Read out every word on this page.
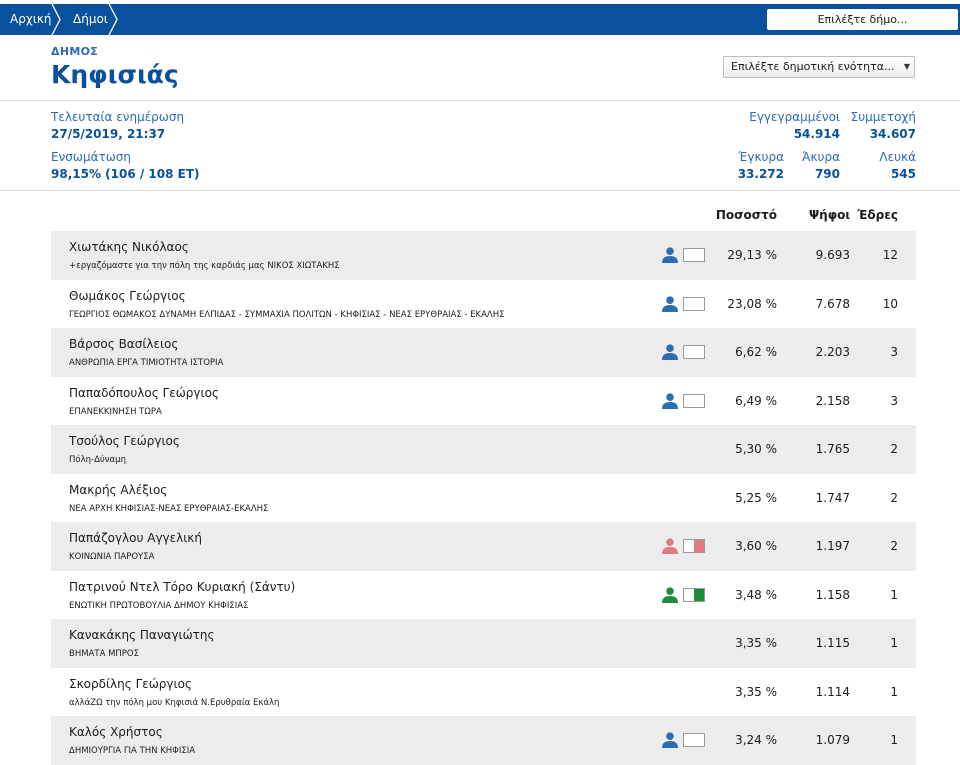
Αρχική Δήμοι	Επιλέξτε δήμο...
ΔΗΜΟΣ
Κηφισιάς	Επιλέξτε δημοτική ενότητα... ▼
Τελευταία ενημέρωση
27/5/2019, 21:37
Ενσωμάτωση
98,15% (106 / 108 ΕΤ)
Εγγεγραμμένοι
54.914
Συμμετοχή
34.607
Έγκυρα
33.272
Άκυρα
790
Λευκά
545
Ποσοστό	Ψήφοι Έδρες
Χιωτάκης Νικόλαος
+εργαζόμαστε για την πόλη της καρδιάς μας ΝΙΚΟΣ ΧΙΩΤΑΚΗΣ
29,13 %	9.693	12
Θωμάκος Γεώργιος
ΓΕΩΡΓΙΟΣ ΘΩΜΑΚΟΣ ΔΥΝΑΜΗ ΕΛΠΙΔΑΣ - ΣΥΜΜΑΧΙΑ ΠΟΛΙΤΩΝ - ΚΗΦΙΣΙΑΣ - ΝΕΑΣ ΕΡΥΘΡΑΙΑΣ - ΕΚΑΛΗΣ
23,08 %	7.678	10
Βάρσος Βασίλειος
ΑΝΘΡΩΠΙΑ ΕΡΓΑ ΤΙΜΙΟΤΗΤΑ ΙΣΤΟΡΙΑ
6,62 %	2.203	3
Παπαδόπουλος Γεώργιος
ΕΠΑΝΕΚΚΙΝΗΣΗ ΤΩΡΑ
6,49 %	2.158	3
Τσούλος Γεώργιος
Πόλη-Δύναμη
5,30 %	1.765	2
Μακρής Αλέξιος
ΝΕΑ ΑΡΧΗ ΚΗΦΙΣΙΑΣ-ΝΕΑΣ ΕΡΥΘΡΑΙΑΣ-ΕΚΑΛΗΣ
5,25 %	1.747	2
Παπάζογλου Αγγελική
ΚΟΙΝΩΝΙΑ ΠΑΡΟΥΣΑ
3,60 %	1.197	2
Πατρινού Ντελ Τόρο Κυριακή (Σάντυ)
ΕΝΩΤΙΚΗ ΠΡΩΤΟΒΟΥΛΙΑ ΔΗΜΟΥ ΚΗΦΙΣΙΑΣ
3,48 %	1.158	1
Κανακάκης Παναγιώτης
ΒΗΜΑΤΑ ΜΠΡΟΣ
3,35 %	1.115	1
Σκορδίλης Γεώργιος
αλλάΖΩ την πόλη μου Κηφισιά Ν.Ερυθραία Εκάλη
3,35 %	1.114	1
Καλός Χρήστος
ΔΗΜΙΟΥΡΓΙΑ ΓΙΑ ΤΗΝ ΚΗΦΙΣΙΑ
3,24 %	1.079	1
